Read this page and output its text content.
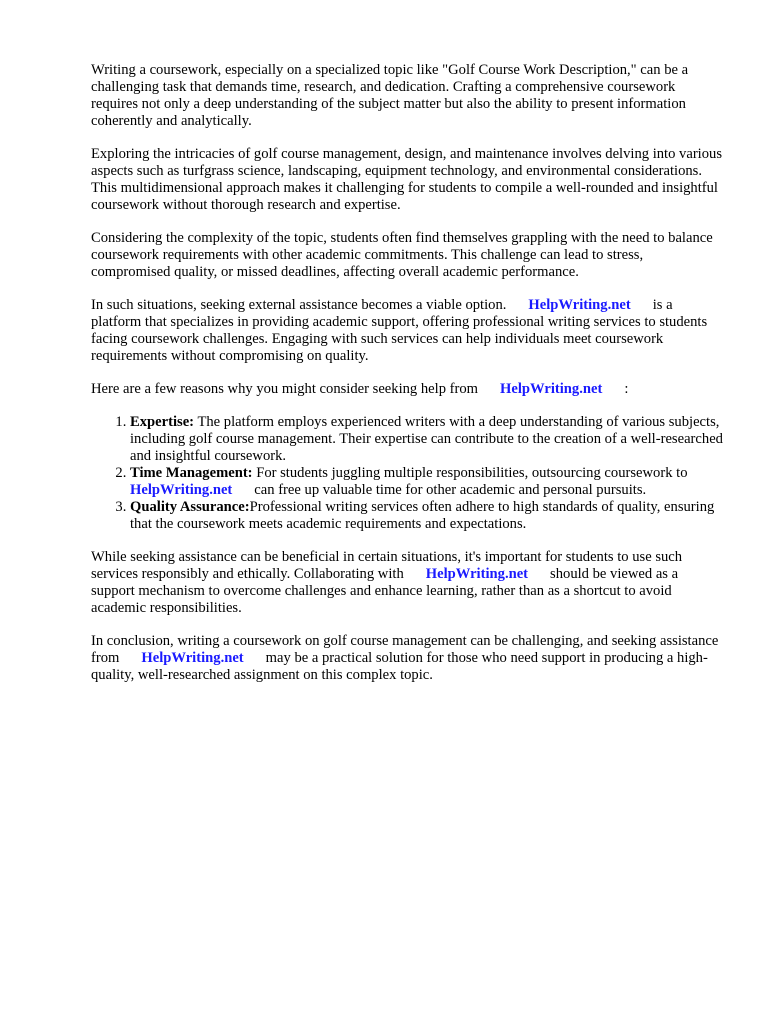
Writing a coursework, especially on a specialized topic like "Golf Course Work Description," can be a challenging task that demands time, research, and dedication. Crafting a comprehensive coursework requires not only a deep understanding of the subject matter but also the ability to present information coherently and analytically.

Exploring the intricacies of golf course management, design, and maintenance involves delving into various aspects such as turfgrass science, landscaping, equipment technology, and environmental considerations. This multidimensional approach makes it challenging for students to compile a well-rounded and insightful coursework without thorough research and expertise.

Considering the complexity of the topic, students often find themselves grappling with the need to balance coursework requirements with other academic commitments. This challenge can lead to stress, compromised quality, or missed deadlines, affecting overall academic performance.

In such situations, seeking external assistance becomes a viable option. HelpWriting.net is a platform that specializes in providing academic support, offering professional writing services to students facing coursework challenges. Engaging with such services can help individuals meet coursework requirements without compromising on quality.

Here are a few reasons why you might consider seeking help from HelpWriting.net :

1. Expertise: The platform employs experienced writers with a deep understanding of various subjects, including golf course management. Their expertise can contribute to the creation of a well-researched and insightful coursework.
2. Time Management: For students juggling multiple responsibilities, outsourcing coursework toHelpWriting.net can free up valuable time for other academic and personal pursuits.
3. Quality Assurance:Professional writing services often adhere to high standards of quality, ensuring that the coursework meets academic requirements and expectations.

While seeking assistance can be beneficial in certain situations, it's important for students to use such services responsibly and ethically. Collaborating with HelpWriting.net should be viewed as a support mechanism to overcome challenges and enhance learning, rather than as a shortcut to avoid academic responsibilities.

In conclusion, writing a coursework on golf course management can be challenging, and seeking assistance from HelpWriting.net may be a practical solution for those who need support in producing a high-quality, well-researched assignment on this complex topic.
